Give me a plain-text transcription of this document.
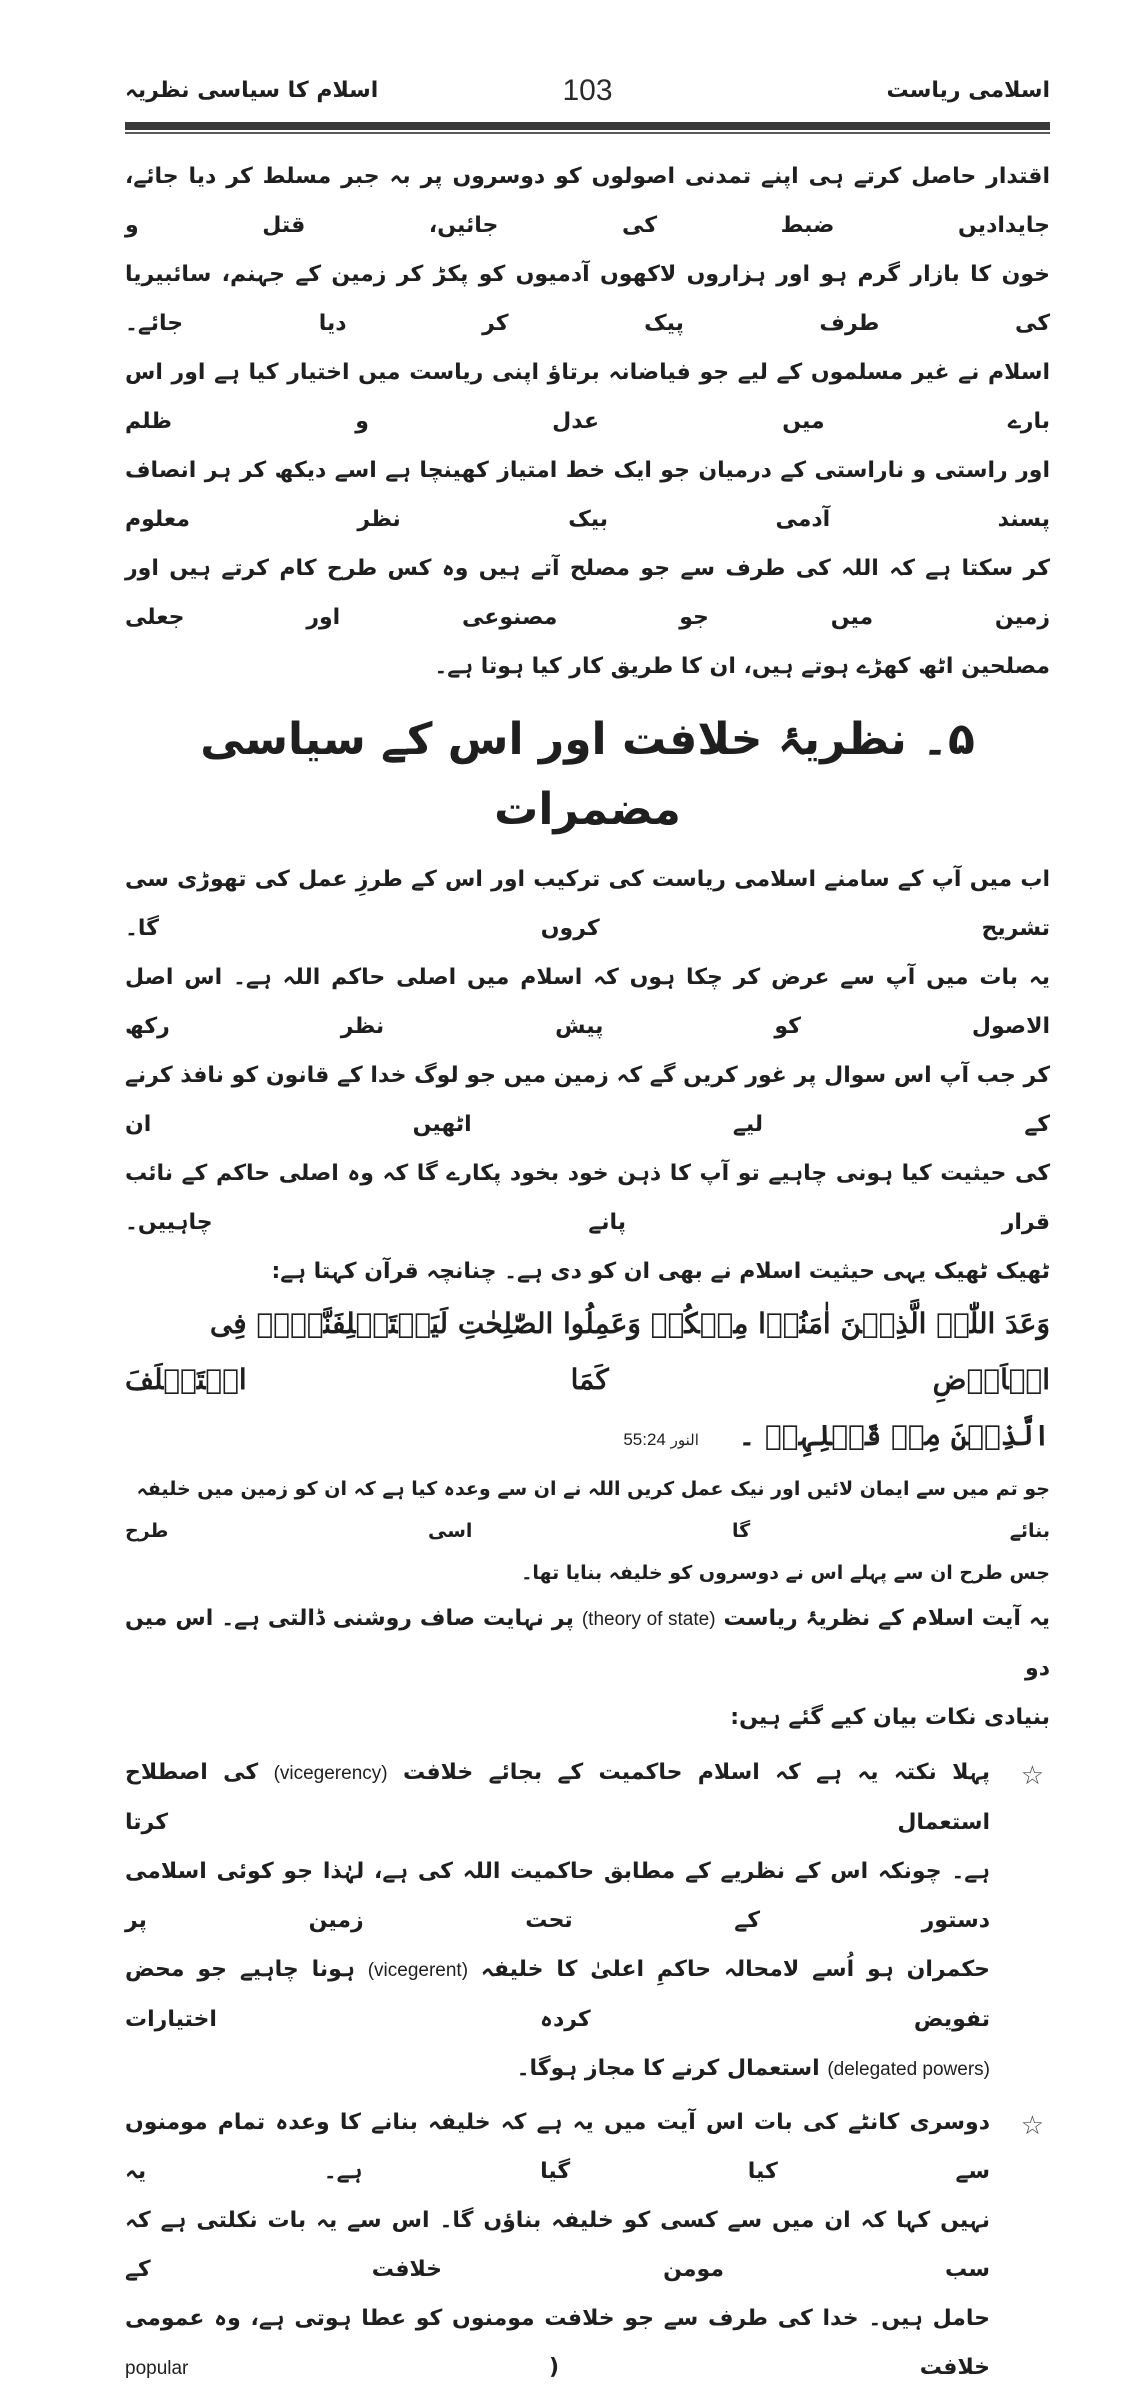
اسلام کا سیاسی نظریہ	103	اسلامی ریاست

اقتدار حاصل کرتے ہی اپنے تمدنی اصولوں کو دوسروں پر بہ جبر مسلط کر دیا جائے، جایدادیں ضبط کی جائیں، قتل و
خون کا بازار گرم ہو اور ہزاروں لاکھوں آدمیوں کو پکڑ کر زمین کے جہنم، سائبیریا کی طرف پیک کر دیا جائے۔
اسلام نے غیر مسلموں کے لیے جو فیاضانہ برتاؤ اپنی ریاست میں اختیار کیا ہے اور اس بارے میں عدل و ظلم
اور راستی و ناراستی کے درمیان جو ایک خط امتیاز کھینچا ہے اسے دیکھ کر ہر انصاف پسند آدمی بیک نظر معلوم
کر سکتا ہے کہ اللہ کی طرف سے جو مصلح آتے ہیں وہ کس طرح کام کرتے ہیں اور زمین میں جو مصنوعی اور جعلی
مصلحین اٹھ کھڑے ہوتے ہیں، ان کا طریق کار کیا ہوتا ہے۔

۵۔ نظریۂ خلافت اور اس کے سیاسی مضمرات

اب میں آپ کے سامنے اسلامی ریاست کی ترکیب اور اس کے طرزِ عمل کی تھوڑی سی تشریح کروں گا۔
یہ بات میں آپ سے عرض کر چکا ہوں کہ اسلام میں اصلی حاکم اللہ ہے۔ اس اصل الاصول کو پیش نظر رکھ
کر جب آپ اس سوال پر غور کریں گے کہ زمین میں جو لوگ خدا کے قانون کو نافذ کرنے کے لیے اٹھیں ان
کی حیثیت کیا ہونی چاہیے تو آپ کا ذہن خود بخود پکارے گا کہ وہ اصلی حاکم کے نائب قرار پانے چاہییں۔
ٹھیک ٹھیک یہی حیثیت اسلام نے بھی ان کو دی ہے۔ چنانچہ قرآن کہتا ہے:

وَعَدَ اللّٰہُ الَّذِیۡنَ اٰمَنُوۡا مِنۡکُمۡ وَعَمِلُوا الصّٰلِحٰتِ لَیَسۡتَخۡلِفَنَّہُمۡ فِی الۡاَرۡضِ کَمَا اسۡتَخۡلَفَ
الَّذِیۡنَ مِنۡ قَبۡلِہِمۡ ۔ النور 55:24

جو تم میں سے ایمان لائیں اور نیک عمل کریں اللہ نے ان سے وعدہ کیا ہے کہ ان کو زمین میں خلیفہ بنائے گا اسی طرح
جس طرح ان سے پہلے اس نے دوسروں کو خلیفہ بنایا تھا۔

یہ آیت اسلام کے نظریۂ ریاست (theory of state) پر نہایت صاف روشنی ڈالتی ہے۔ اس میں دو
بنیادی نکات بیان کیے گئے ہیں:

☆
پہلا نکتہ یہ ہے کہ اسلام حاکمیت کے بجائے خلافت (vicegerency) کی اصطلاح استعمال کرتا
ہے۔ چونکہ اس کے نظریے کے مطابق حاکمیت اللہ کی ہے، لہٰذا جو کوئی اسلامی دستور کے تحت زمین پر
حکمران ہو اُسے لامحالہ حاکمِ اعلیٰ کا خلیفہ (vicegerent) ہونا چاہیے جو محض تفویض کردہ اختیارات
(delegated powers) استعمال کرنے کا مجاز ہوگا۔
☆
دوسری کانٹے کی بات اس آیت میں یہ ہے کہ خلیفہ بنانے کا وعدہ تمام مومنوں سے کیا گیا ہے۔ یہ
نہیں کہا کہ ان میں سے کسی کو خلیفہ بناؤں گا۔ اس سے یہ بات نکلتی ہے کہ سب مومن خلافت کے
حامل ہیں۔ خدا کی طرف سے جو خلافت مومنوں کو عطا ہوتی ہے، وہ عمومی خلافت ( popular
